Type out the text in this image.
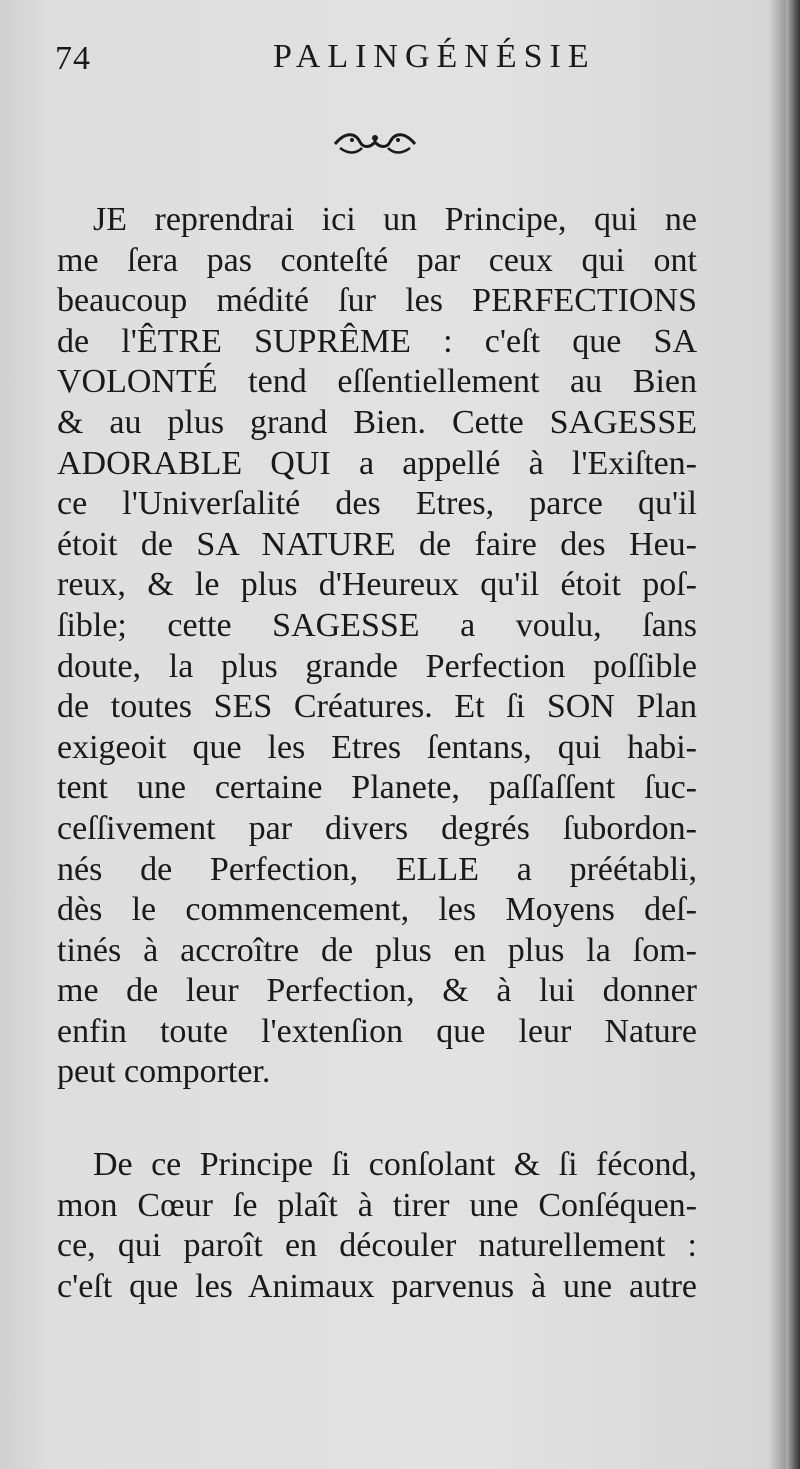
74	PALINGÉNÉSIE

JE reprendrai ici un Principe, qui ne
me ſera pas conteſté par ceux qui ont
beaucoup médité ſur les PERFECTIONS
de l'ÊTRE SUPRÊME : c'eſt que SA
VOLONTÉ tend eſſentiellement au Bien
& au plus grand Bien. Cette SAGESSE
ADORABLE QUI a appellé à l'Exiſten-
ce l'Univerſalité des Etres, parce qu'il
étoit de SA NATURE de faire des Heu-
reux, & le plus d'Heureux qu'il étoit poſ-
ſible; cette SAGESSE a voulu, ſans
doute, la plus grande Perfection poſſible
de toutes SES Créatures. Et ſi SON Plan
exigeoit que les Etres ſentans, qui habi-
tent une certaine Planete, paſſaſſent ſuc-
ceſſivement par divers degrés ſubordon-
nés de Perfection, ELLE a préétabli,
dès le commencement, les Moyens deſ-
tinés à accroître de plus en plus la ſom-
me de leur Perfection, & à lui donner
enfin toute l'extenſion que leur Nature
peut comporter.

De ce Principe ſi conſolant & ſi fécond,
mon Cœur ſe plaît à tirer une Conſéquen-
ce, qui paroît en découler naturellement :
c'eſt que les Animaux parvenus à une autre
